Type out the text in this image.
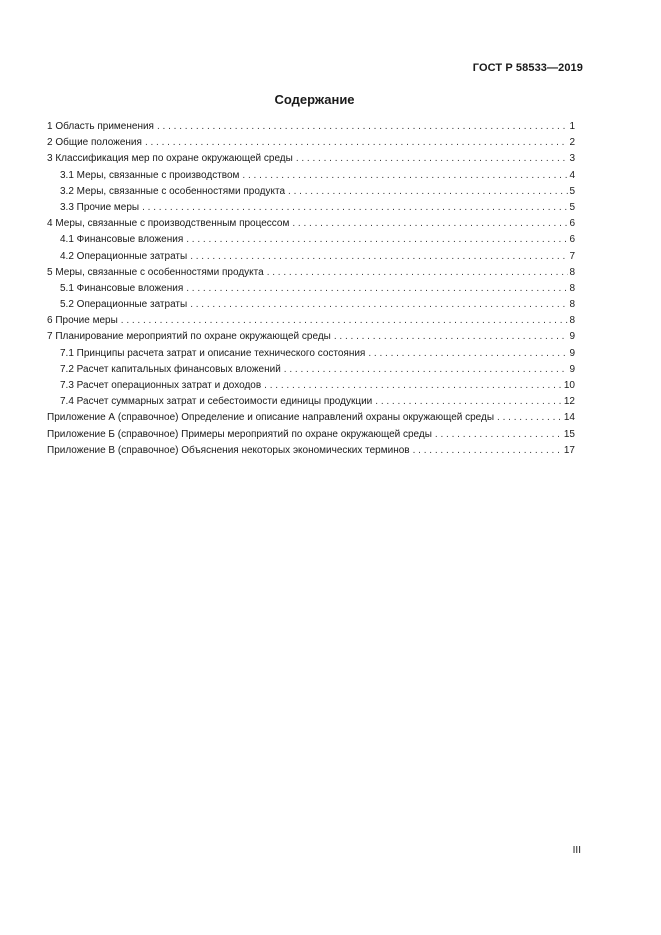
ГОСТ Р 58533—2019
Содержание
1 Область применения . . .	1
2 Общие положения . . .	2
3 Классификация мер по охране окружающей среды . . .	3
3.1 Меры, связанные с производством . . .	4
3.2 Меры, связанные с особенностями продукта . . .	5
3.3 Прочие меры . . .	5
4 Меры, связанные с производственным процессом . . .	6
4.1 Финансовые вложения . . .	6
4.2 Операционные затраты . . .	7
5 Меры, связанные с особенностями продукта . . .	8
5.1 Финансовые вложения . . .	8
5.2 Операционные затраты . . .	8
6 Прочие меры . . .	8
7 Планирование мероприятий по охране окружающей среды . . .	9
7.1 Принципы расчета затрат и описание технического состояния . . .	9
7.2 Расчет капитальных финансовых вложений . . .	9
7.3 Расчет операционных затрат и доходов . . .	10
7.4 Расчет суммарных затрат и себестоимости единицы продукции . . .	12
Приложение А (справочное) Определение и описание направлений охраны окружающей среды . . .	14
Приложение Б (справочное) Примеры мероприятий по охране окружающей среды . . .	15
Приложение В (справочное) Объяснения некоторых экономических терминов . . .	17
III
